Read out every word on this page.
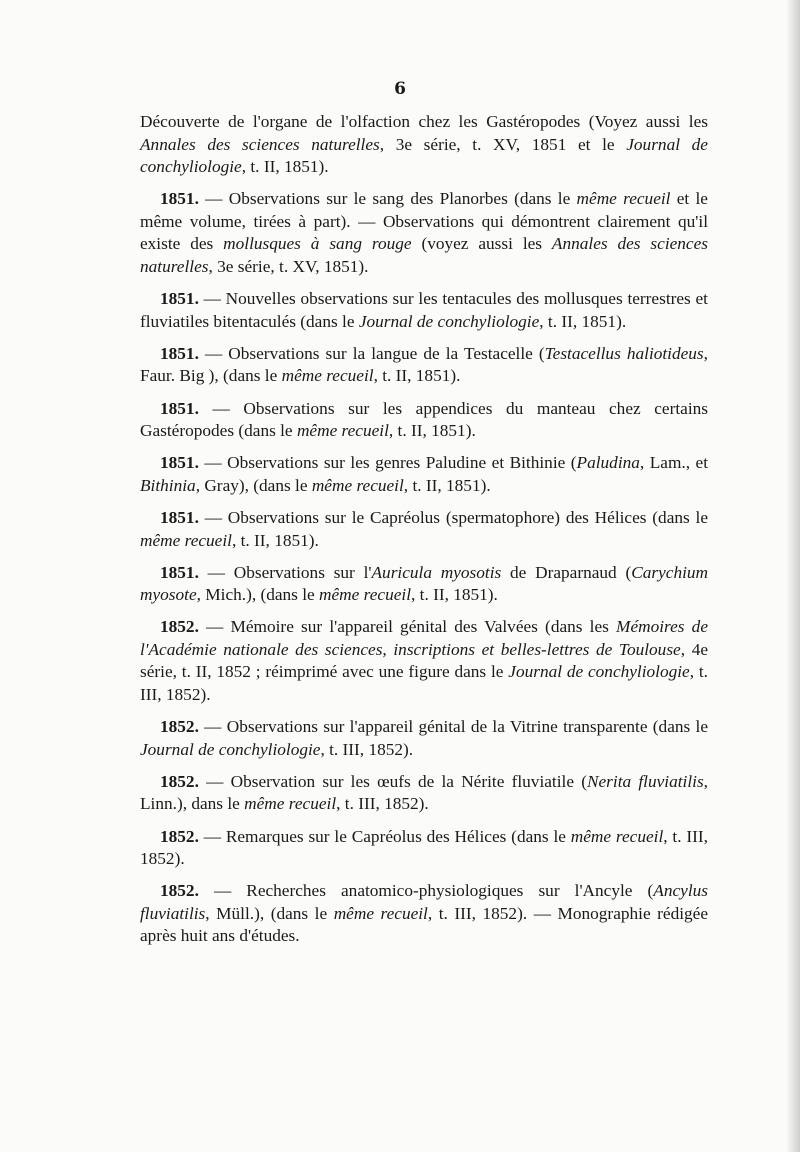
6

Découverte de l'organe de l'olfaction chez les Gastéropodes (Voyez aussi les Annales des sciences naturelles, 3e série, t. XV, 1851 et le Journal de conchyliologie, t. II, 1851).

1851. — Observations sur le sang des Planorbes (dans le même recueil et le même volume, tirées à part). — Observations qui démontrent clairement qu'il existe des mollusques à sang rouge (voyez aussi les Annales des sciences naturelles, 3e série, t. XV, 1851).

1851. — Nouvelles observations sur les tentacules des mollusques terrestres et fluviatiles bitentaculés (dans le Journal de conchyliologie, t. II, 1851).

1851. — Observations sur la langue de la Testacelle (Testacellus haliotideus, Faur. Big ), (dans le même recueil, t. II, 1851).

1851. — Observations sur les appendices du manteau chez certains Gastéropodes (dans le même recueil, t. II, 1851).

1851. — Observations sur les genres Paludine et Bithinie (Paludina, Lam., et Bithinia, Gray), (dans le même recueil, t. II, 1851).

1851. — Observations sur le Capréolus (spermatophore) des Hélices (dans le même recueil, t. II, 1851).

1851. — Observations sur l'Auricula myosotis de Draparnaud (Carychium myosote, Mich.), (dans le même recueil, t. II, 1851).

1852. — Mémoire sur l'appareil génital des Valvées (dans les Mémoires de l'Académie nationale des sciences, inscriptions et belles-lettres de Toulouse, 4e série, t. II, 1852 ; réimprimé avec une figure dans le Journal de conchyliologie, t. III, 1852).

1852. — Observations sur l'appareil génital de la Vitrine transparente (dans le Journal de conchyliologie, t. III, 1852).

1852. — Observation sur les œufs de la Nérite fluviatile (Nerita fluviatilis, Linn.), dans le même recueil, t. III, 1852).

1852. — Remarques sur le Capréolus des Hélices (dans le même recueil, t. III, 1852).

1852. — Recherches anatomico-physiologiques sur l'Ancyle (Ancylus fluviatilis, Müll.), (dans le même recueil, t. III, 1852). — Monographie rédigée après huit ans d'études.
